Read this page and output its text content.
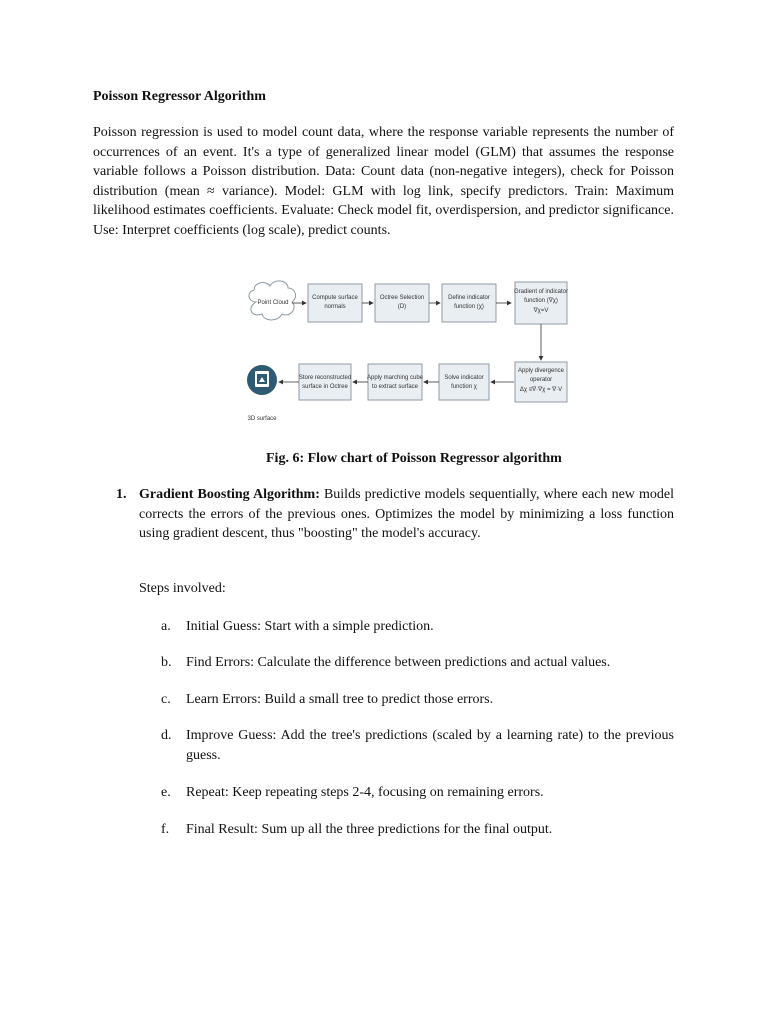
Poisson Regressor Algorithm

Poisson regression is used to model count data, where the response variable represents the number of occurrences of an event. It's a type of generalized linear model (GLM) that assumes the response variable follows a Poisson distribution. Data: Count data (non-negative integers), check for Poisson distribution (mean ≈ variance). Model: GLM with log link, specify predictors. Train: Maximum likelihood estimates coefficients. Evaluate: Check model fit, overdispersion, and predictor significance. Use: Interpret coefficients (log scale), predict counts.

Point Cloud
Compute surface
normals
Octree Selection
(D)
Define indicator
function (χ)
Store reconstructed
surface in Octree
Apply marching cube
to extract surface
Solve indicator
function χ
3D surface
Gradient of indicator
function (∇χ)
∇χ=V
Apply divergence
operator
Δχ ≡∇·∇χ = ∇·V
Fig. 6: Flow chart of Poisson Regressor algorithm
1. Gradient Boosting Algorithm: Builds predictive models sequentially, where each new model corrects the errors of the previous ones. Optimizes the model by minimizing a loss function using gradient descent, thus "boosting" the model's accuracy.

Steps involved:
a. Initial Guess: Start with a simple prediction.

b. Find Errors: Calculate the difference between predictions and actual values.

c. Learn Errors: Build a small tree to predict those errors.

d. Improve Guess: Add the tree's predictions (scaled by a learning rate) to the previous guess.

e. Repeat: Keep repeating steps 2-4, focusing on remaining errors.

f. Final Result: Sum up all the three predictions for the final output.
